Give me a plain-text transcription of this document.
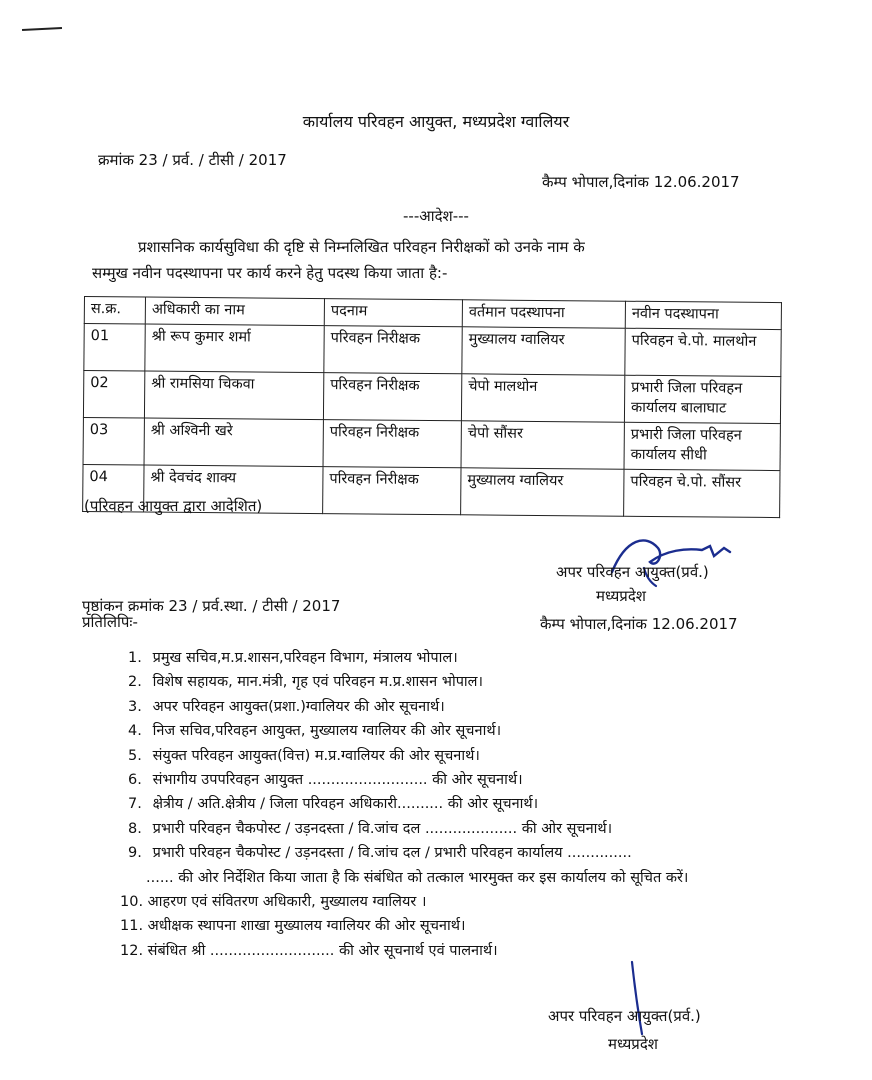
कार्यालय परिवहन आयुक्त, मध्यप्रदेश ग्वालियर
क्रमांक 23 / प्रर्व. / टीसी / 2017
कैम्प भोपाल,दिनांक 12.06.2017
---आदेश---
प्रशासनिक कार्यसुविधा की दृष्टि से निम्नलिखित परिवहन निरीक्षकों को उनके नाम के
सम्मुख नवीन पदस्थापना पर कार्य करने हेतु पदस्थ किया जाता है:-
स.क्र.	अधिकारी का नाम	पदनाम	वर्तमान पदस्थापना	नवीन पदस्थापना
01	श्री रूप कुमार शर्मा	परिवहन निरीक्षक	मुख्यालय ग्वालियर	परिवहन चे.पो. मालथोन
02	श्री रामसिया चिकवा	परिवहन निरीक्षक	चेपो मालथोन	प्रभारी जिला परिवहन कार्यालय बालाघाट
03	श्री अश्विनी खरे	परिवहन निरीक्षक	चेपो सौंसर	प्रभारी जिला परिवहन कार्यालय सीधी
04	श्री देवचंद शाक्य	परिवहन निरीक्षक	मुख्यालय ग्वालियर	परिवहन चे.पो. सौंसर
(परिवहन आयुक्त द्वारा आदेशित)
अपर परिवहन आयुक्त(प्रर्व.)
मध्यप्रदेश
पृष्ठांकन क्रमांक 23 / प्रर्व.स्था. / टीसी / 2017
कैम्प भोपाल,दिनांक 12.06.2017
प्रतिलिपिः-
1. प्रमुख सचिव,म.प्र.शासन,परिवहन विभाग, मंत्रालय भोपाल।
2. विशेष सहायक, मान.मंत्री, गृह एवं परिवहन म.प्र.शासन भोपाल।
3. अपर परिवहन आयुक्त(प्रशा.)ग्वालियर की ओर सूचनार्थ।
4. निज सचिव,परिवहन आयुक्त, मुख्यालय ग्वालियर की ओर सूचनार्थ।
5. संयुक्त परिवहन आयुक्त(वित्त) म.प्र.ग्वालियर की ओर सूचनार्थ।
6. संभागीय उपपरिवहन आयुक्त .......................... की ओर सूचनार्थ।
7. क्षेत्रीय / अति.क्षेत्रीय / जिला परिवहन अधिकारी.......... की ओर सूचनार्थ।
8. प्रभारी परिवहन चैकपोस्ट / उड़नदस्ता / वि.जांच दल .................... की ओर सूचनार्थ।
9. प्रभारी परिवहन चैकपोस्ट / उड़नदस्ता / वि.जांच दल / प्रभारी परिवहन कार्यालय ..............
...... की ओर निर्देशित किया जाता है कि संबंधित को तत्काल भारमुक्त कर इस कार्यालय को सूचित करें।
10. आहरण एवं संवितरण अधिकारी, मुख्यालय ग्वालियर ।
11. अधीक्षक स्थापना शाखा मुख्यालय ग्वालियर की ओर सूचनार्थ।
12. संबंधित श्री ........................... की ओर सूचनार्थ एवं पालनार्थ।
अपर परिवहन आयुक्त(प्रर्व.)
मध्यप्रदेश
